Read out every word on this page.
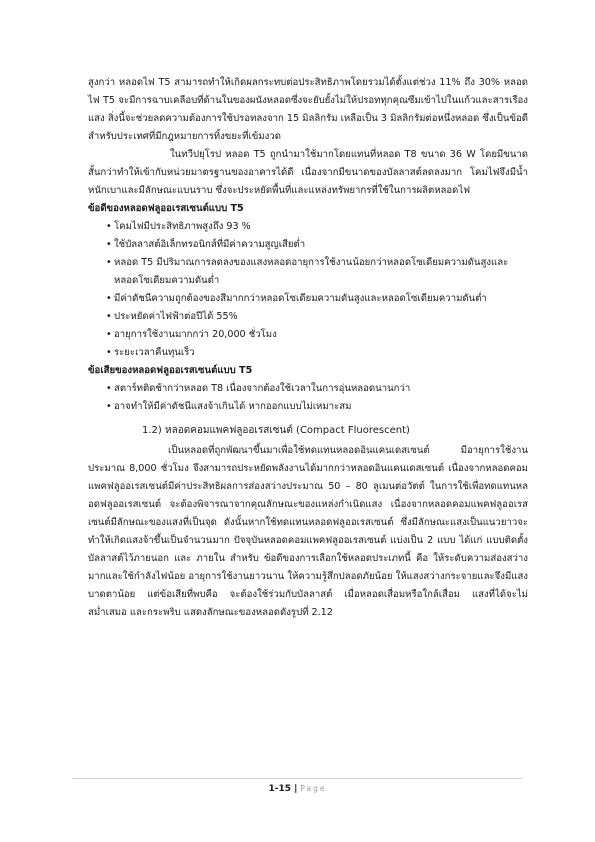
สูงกว่า หลอดไฟ T5 สามารถทำให้เกิดผลกระทบต่อประสิทธิภาพโดยรวมได้ตั้งแต่ช่วง 11% ถึง 30% หลอดไฟ T5 จะมีการฉาบเคลือบที่ด้านในของผนังหลอดซึ่งจะยับยั้งไม่ให้ปรอททุกคุณซึมเข้าไปในแก้วและสารเรืองแสง สิ่งนี้จะช่วยลดความต้องการใช้ปรอทลงจาก 15 มิลลิกรัม เหลือเป็น 3 มิลลิกรัมต่อหนึ่งหลอด ซึ่งเป็นข้อดีสำหรับประเทศที่มีกฎหมายการทิ้งขยะที่เข้มงวด

ในทวีปยุโรป หลอด T5 ถูกนำมาใช้มากโดยแทนที่หลอด T8 ขนาด 36 W โดยมีขนาดสั้นกว่าทำให้เข้ากับหน่วยมาตรฐานของอาคารได้ดี เนื่องจากมีขนาดของบัลลาสต์ลดลงมาก โคมไฟจึงมีน้ำหนักเบาและมีลักษณะแบนราบ ซึ่งจะประหยัดพื้นที่และแหล่งทรัพยากรที่ใช้ในการผลิตหลอดไฟ

ข้อดีของหลอดฟลูออเรสเซนต์แบบ T5

• โคมไฟมีประสิทธิภาพสูงถึง 93 %
• ใช้บัลลาสต์อิเล็กทรอนิกส์ที่มีค่าความสูญเสียต่ำ
• หลอด T5 มีปริมาณการลดลงของแสงหลอดอายุการใช้งานน้อยกว่าหลอดโซเดียมความดันสูงและหลอดโซเดียมความดันต่ำ
• มีค่าดัชนีความถูกต้องของสีมากกว่าหลอดโซเดียมความดันสูงและหลอดโซเดียมความดันต่ำ
• ประหยัดค่าไฟฟ้าต่อปีได้ 55%
• อายุการใช้งานมากกว่า 20,000 ชั่วโมง
• ระยะเวลาคืนทุนเร็ว

ข้อเสียของหลอดฟลูออเรสเซนต์แบบ T5

• สตาร์ทติดช้ากว่าหลอด T8 เนื่องจากต้องใช้เวลาในการอุ่นหลอดนานกว่า
• อาจทำให้มีค่าดัชนีแสงจ้าเกินได้ หากออกแบบไม่เหมาะสม

1.2) หลอดคอมแพคฟลูออเรสเซนต์ (Compact Fluorescent)

เป็นหลอดที่ถูกพัฒนาขึ้นมาเพื่อใช้ทดแทนหลอดอินแคนเดสเซนต์ มีอายุการใช้งานประมาณ 8,000 ชั่วโมง จึงสามารถประหยัดพลังงานได้มากกว่าหลอดอินแคนเดสเซนต์ เนื่องจากหลอดคอมแพคฟลูออเรสเซนต์มีค่าประสิทธิผลการส่องสว่างประมาณ 50 – 80 ลูเมนต่อวัตต์ ในการใช้เพื่อทดแทนหลอดฟลูออเรสเซนต์ จะต้องพิจารณาจากคุณลักษณะของแหล่งกำเนิดแสง เนื่องจากหลอดคอมแพคฟลูออเรสเซนต์มีลักษณะของแสงที่เป็นจุด ดังนั้นหากใช้ทดแทนหลอดฟลูออเรสเซนต์ ซึ่งมีลักษณะแสงเป็นแนวยาวจะทำให้เกิดแสงจ้าขึ้นเป็นจำนวนมาก ปัจจุบันหลอดคอมแพคฟลูออเรสเซนต์ แบ่งเป็น 2 แบบ ได้แก่ แบบติดตั้งบัลลาสต์ไว้ภายนอก และ ภายใน สำหรับ ข้อดีของการเลือกใช้หลอดประเภทนี้ คือ ให้ระดับความส่องสว่างมากและใช้กำลังไฟน้อย อายุการใช้งานยาวนาน ให้ความรู้สึกปลอดภัยน้อย ให้แสงสว่างกระจายและจึงมีแสงบาดตาน้อย แต่ข้อเสียที่พบคือ จะต้องใช้ร่วมกับบัลลาสต์ เมื่อหลอดเสื่อมหรือใกล้เสื่อม แสงที่ได้จะไม่สม่ำเสมอ และกระพริบ แสดงลักษณะของหลอดดังรูปที่ 2.12

1-15 | Page
